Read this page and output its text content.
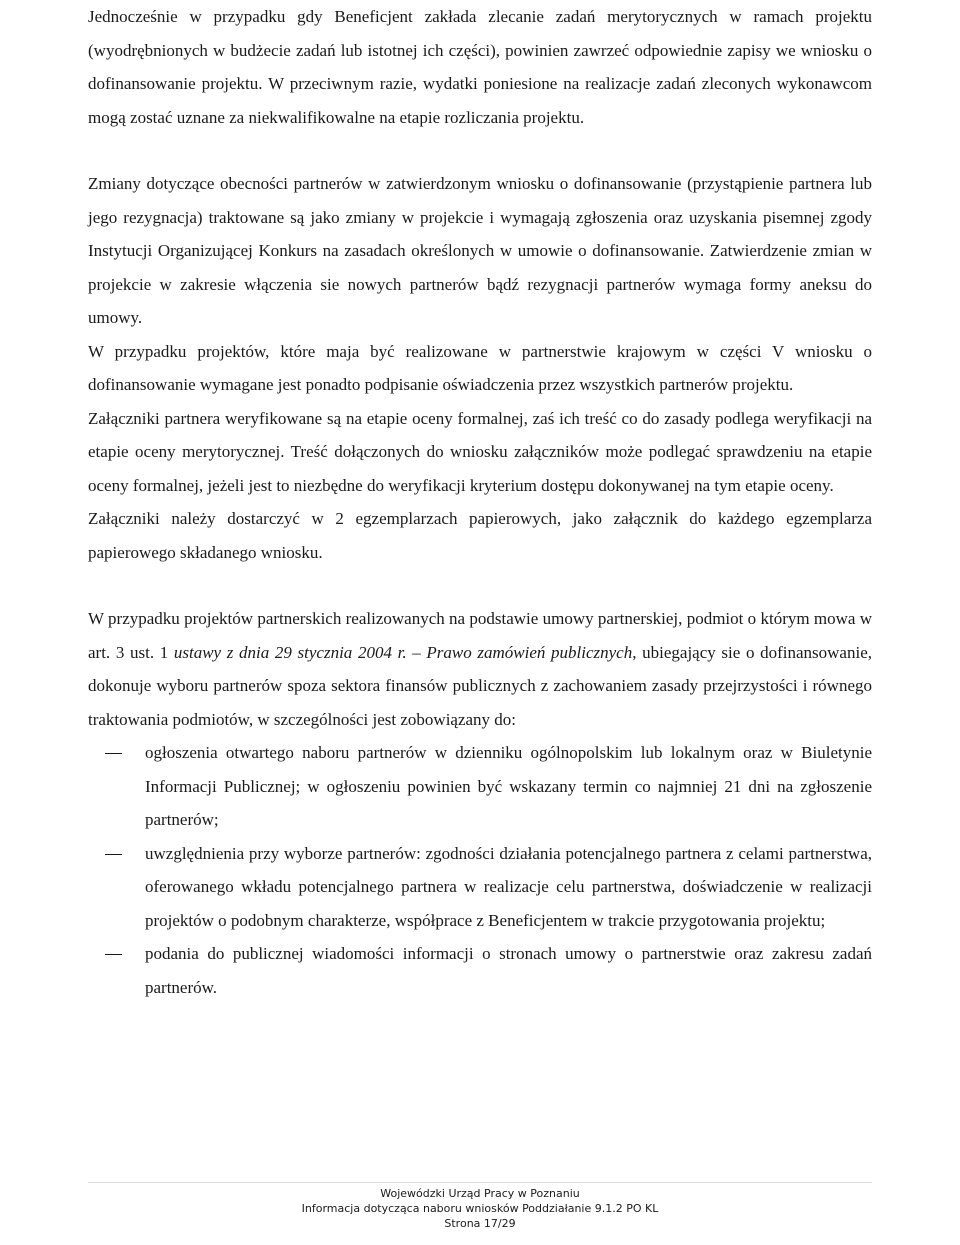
Jednocześnie w przypadku gdy Beneficjent zakłada zlecanie zadań merytorycznych w ramach projektu (wyodrębnionych w budżecie zadań lub istotnej ich części), powinien zawrzeć odpowiednie zapisy we wniosku o dofinansowanie projektu. W przeciwnym razie, wydatki poniesione na realizacje zadań zleconych wykonawcom mogą zostać uznane za niekwalifikowalne na etapie rozliczania projektu.

Zmiany dotyczące obecności partnerów w zatwierdzonym wniosku o dofinansowanie (przystąpienie partnera lub jego rezygnacja) traktowane są jako zmiany w projekcie i wymagają zgłoszenia oraz uzyskania pisemnej zgody Instytucji Organizującej Konkurs na zasadach określonych w umowie o dofinansowanie. Zatwierdzenie zmian w projekcie w zakresie włączenia sie nowych partnerów bądź rezygnacji partnerów wymaga formy aneksu do umowy.

W przypadku projektów, które maja być realizowane w partnerstwie krajowym w części V wniosku o dofinansowanie wymagane jest ponadto podpisanie oświadczenia przez wszystkich partnerów projektu.

Załączniki partnera weryfikowane są na etapie oceny formalnej, zaś ich treść co do zasady podlega weryfikacji na etapie oceny merytorycznej. Treść dołączonych do wniosku załączników może podlegać sprawdzeniu na etapie oceny formalnej, jeżeli jest to niezbędne do weryfikacji kryterium dostępu dokonywanej na tym etapie oceny.

Załączniki należy dostarczyć w 2 egzemplarzach papierowych, jako załącznik do każdego egzemplarza papierowego składanego wniosku.

W przypadku projektów partnerskich realizowanych na podstawie umowy partnerskiej, podmiot o którym mowa w art. 3 ust. 1 ustawy z dnia 29 stycznia 2004 r. – Prawo zamówień publicznych, ubiegający sie o dofinansowanie, dokonuje wyboru partnerów spoza sektora finansów publicznych z zachowaniem zasady przejrzystości i równego traktowania podmiotów, w szczególności jest zobowiązany do:

ogłoszenia otwartego naboru partnerów w dzienniku ogólnopolskim lub lokalnym oraz w Biuletynie Informacji Publicznej; w ogłoszeniu powinien być wskazany termin co najmniej 21 dni na zgłoszenie partnerów;
uwzględnienia przy wyborze partnerów: zgodności działania potencjalnego partnera z celami partnerstwa, oferowanego wkładu potencjalnego partnera w realizacje celu partnerstwa, doświadczenie w realizacji projektów o podobnym charakterze, współprace z Beneficjentem w trakcie przygotowania projektu;
podania do publicznej wiadomości informacji o stronach umowy o partnerstwie oraz zakresu zadań partnerów.
Wojewódzki Urząd Pracy w Poznaniu
Informacja dotycząca naboru wniosków Poddziałanie 9.1.2 PO KL
Strona 17/29
